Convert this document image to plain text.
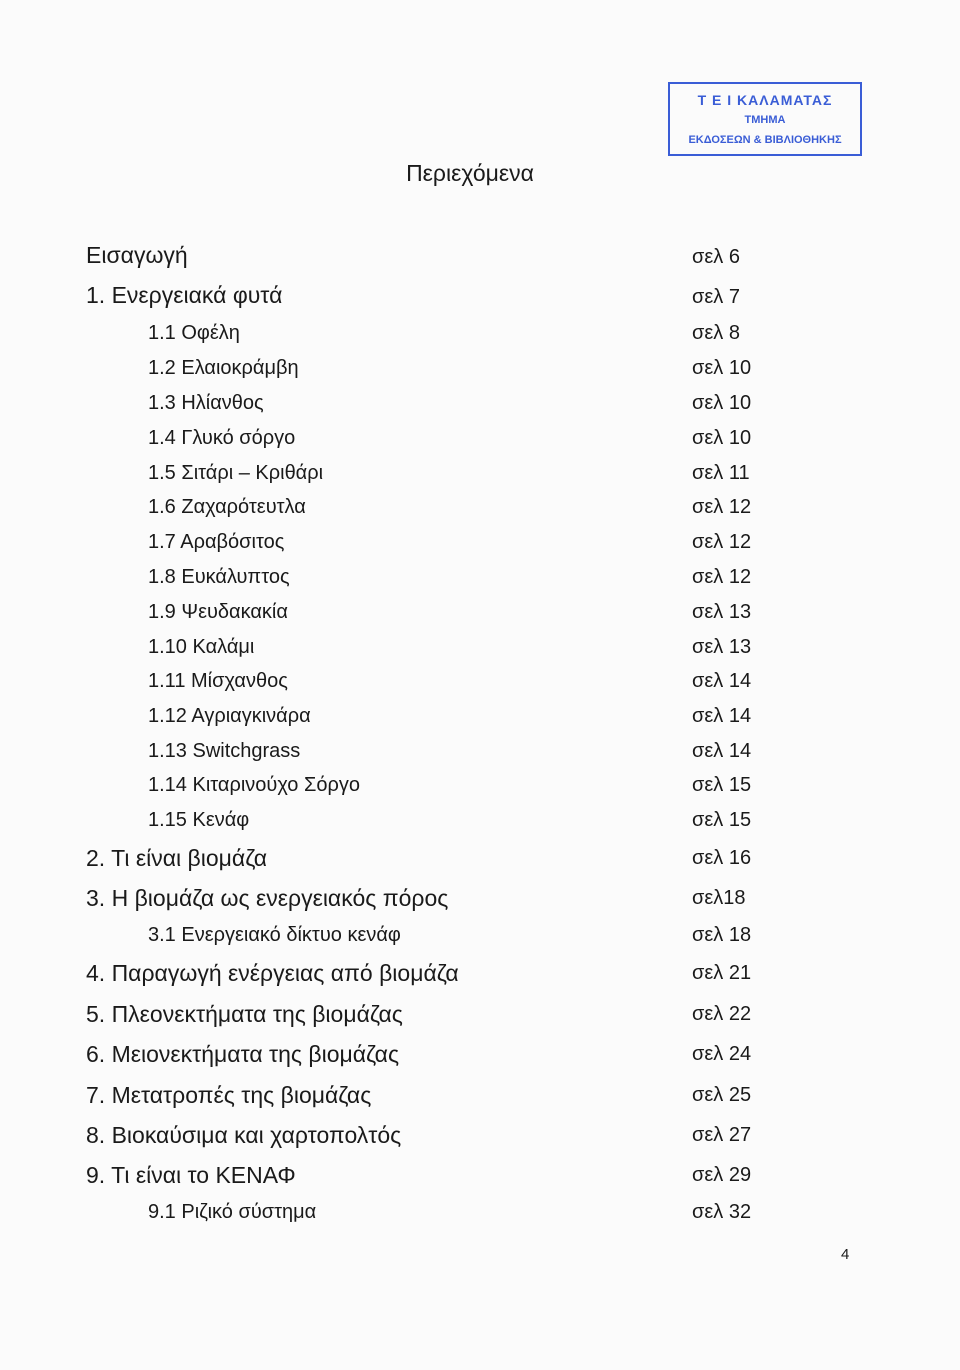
Τ Ε Ι ΚΑΛΑΜΑΤΑΣ
ΤΜΗΜΑ
ΕΚΔΟΣΕΩΝ & ΒΙΒΛΙΟΘΗΚΗΣ
Περιεχόμενα
Εισαγωγή	σελ 6
1. Ενεργειακά φυτά	σελ 7
1.1 Οφέλη	σελ 8
1.2 Ελαιοκράμβη	σελ 10
1.3 Ηλίανθος	σελ 10
1.4 Γλυκό σόργο	σελ 10
1.5 Σιτάρι – Κριθάρι	σελ 11
1.6 Ζαχαρότευτλα	σελ 12
1.7 Αραβόσιτος	σελ 12
1.8 Ευκάλυπτος	σελ 12
1.9 Ψευδακακία	σελ 13
1.10 Καλάμι	σελ 13
1.11 Μίσχανθος	σελ 14
1.12 Αγριαγκινάρα	σελ 14
1.13 Switchgrass	σελ 14
1.14 Κιταρινούχο Σόργο	σελ 15
1.15 Κενάφ	σελ 15
2. Τι είναι βιομάζα	σελ 16
3. Η βιομάζα ως ενεργειακός πόρος	σελ18
3.1 Ενεργειακό δίκτυο κενάφ	σελ 18
4. Παραγωγή ενέργειας από βιομάζα	σελ 21
5. Πλεονεκτήματα της βιομάζας	σελ 22
6. Μειονεκτήματα της βιομάζας	σελ 24
7. Μετατροπές της βιομάζας	σελ 25
8. Βιοκαύσιμα και χαρτοπολτός	σελ 27
9. Τι είναι το ΚΕΝΑΦ	σελ 29
9.1 Ριζικό σύστημα	σελ 32
4
